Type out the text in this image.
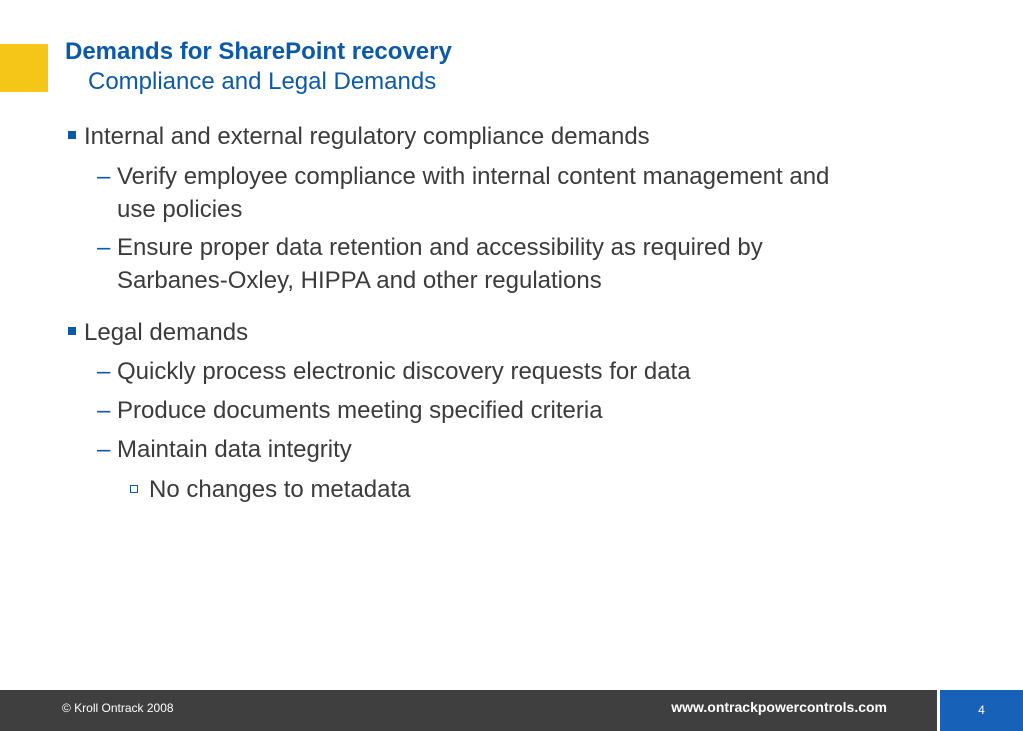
Demands for SharePoint recovery
Compliance and Legal Demands
Internal and external regulatory compliance demands
– Verify employee compliance with internal content management and
use policies
– Ensure proper data retention and accessibility as required by
Sarbanes-Oxley, HIPPA and other regulations
Legal demands
– Quickly process electronic discovery requests for data
– Produce documents meeting specified criteria
– Maintain data integrity
No changes to metadata
© Kroll Ontrack 2008	www.ontrackpowercontrols.com	4
